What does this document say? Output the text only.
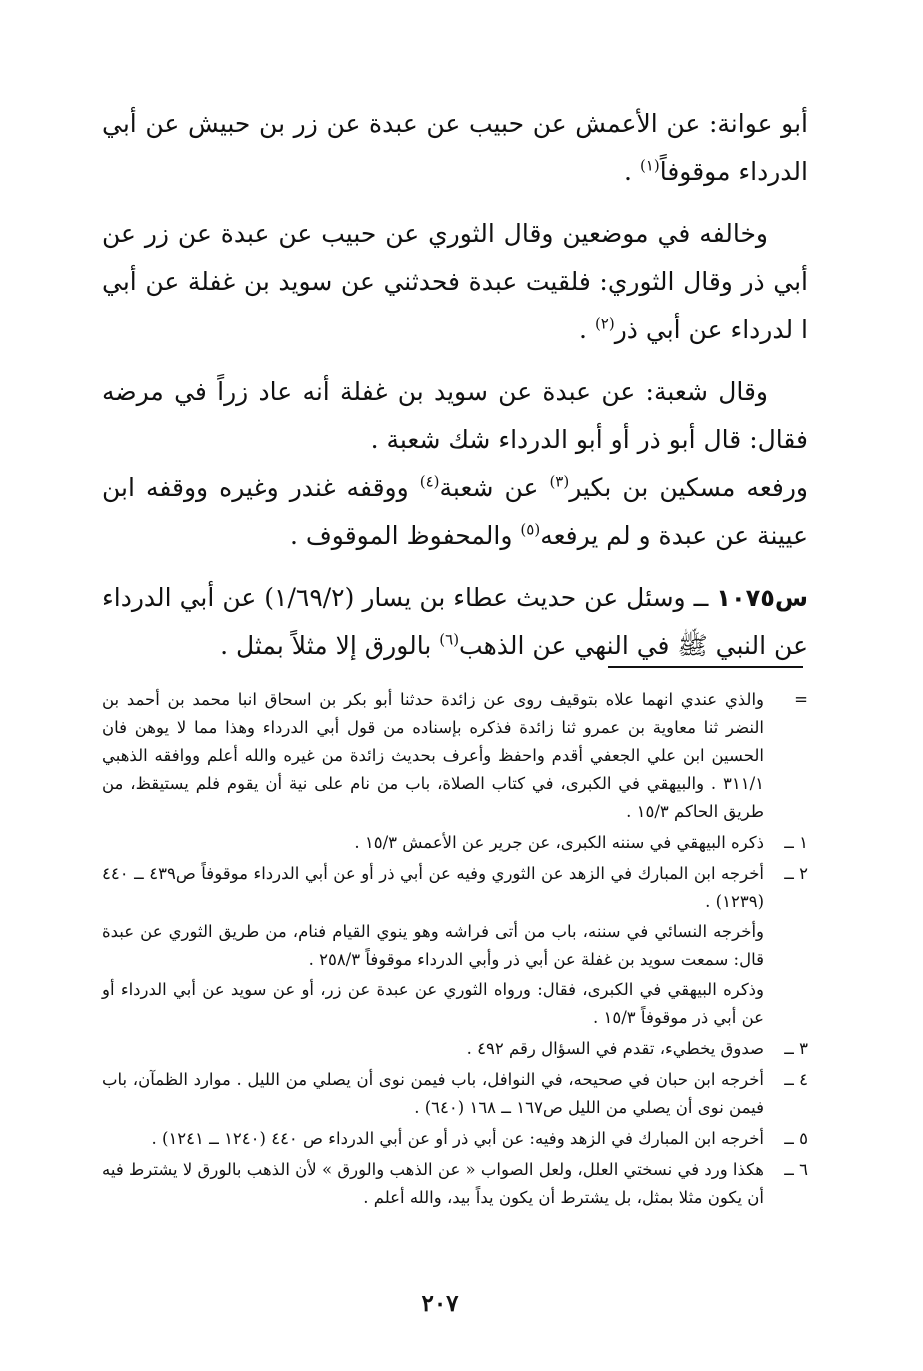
أبو عوانة: عن الأعمش عن حبيب عن عبدة عن زر بن حبيش عن أبي الدرداء موقوفاً$^{(١)}$ .

وخالفه في موضعين وقال الثوري عن حبيب عن عبدة عن زر عن أبي ذر وقال الثوري: فلقيت عبدة فحدثني عن سويد بن غفلة عن أبي ا لدرداء عن أبي ذر$^{(٢)}$ .

وقال شعبة: عن عبدة عن سويد بن غفلة أنه عاد زراً في مرضه فقال: قال أبو ذر أو أبو الدرداء شك شعبة .

ورفعه مسكين بن بكير$^{(٣)}$ عن شعبة$^{(٤)}$ ووقفه غندر وغيره ووقفه ابن عيينة عن عبدة و لم يرفعه$^{(٥)}$ والمحفوظ الموقوف .

س١٠٧٥ ــ وسئل عن حديث عطاء بن يسار (١/٦٩/٢) عن أبي الدرداء عن النبي ﷺ في النهي عن الذهب$^{(٦)}$ بالورق إلا مثلاً بمثل .

=

والذي عندي انهما علاه بتوقيف روى عن زائدة حدثنا أبو بكر بن اسحاق انبا محمد بن أحمد بن النضر ثنا معاوية بن عمرو ثنا زائدة فذكره بإسناده من قول أبي الدرداء وهذا مما لا يوهن فان الحسين ابن علي الجعفي أقدم واحفظ وأعرف بحديث زائدة من غيره والله أعلم ووافقه الذهبي ٣١١/١ . والبيهقي في الكبرى، في كتاب الصلاة، باب من نام على نية أن يقوم فلم يستيقظ، من طريق الحاكم ١٥/٣ .

١ ــ

ذكره البيهقي في سننه الكبرى، عن جرير عن الأعمش ١٥/٣ .

٢ ــ

أخرجه ابن المبارك في الزهد عن الثوري وفيه عن أبي ذر أو عن أبي الدرداء موقوفاً ص٤٣٩ ــ ٤٤٠ (١٢٣٩) .

وأخرجه النسائي في سننه، باب من أتى فراشه وهو ينوي القيام فنام، من طريق الثوري عن عبدة قال: سمعت سويد بن غفلة عن أبي ذر وأبي الدرداء موقوفاً ٢٥٨/٣ .

وذكره البيهقي في الكبرى، فقال: ورواه الثوري عن عبدة عن زر، أو عن سويد عن أبي الدرداء أو عن أبي ذر موقوفاً ١٥/٣ .

٣ ــ

صدوق يخطيء، تقدم في السؤال رقم ٤٩٢ .

٤ ــ

أخرجه ابن حبان في صحيحه، في النوافل، باب فيمن نوى أن يصلي من الليل . موارد الظمآن، باب فيمن نوى أن يصلي من الليل ص١٦٧ ــ ١٦٨ (٦٤٠) .

٥ ــ

أخرجه ابن المبارك في الزهد وفيه: عن أبي ذر أو عن أبي الدرداء ص ٤٤٠ (١٢٤٠ ــ ١٢٤١) .

٦ ــ

هكذا ورد في نسختي العلل، ولعل الصواب « عن الذهب والورق » لأن الذهب بالورق لا يشترط فيه أن يكون مثلا بمثل، بل يشترط أن يكون يداً بيد، والله أعلم .

٢٠٧
